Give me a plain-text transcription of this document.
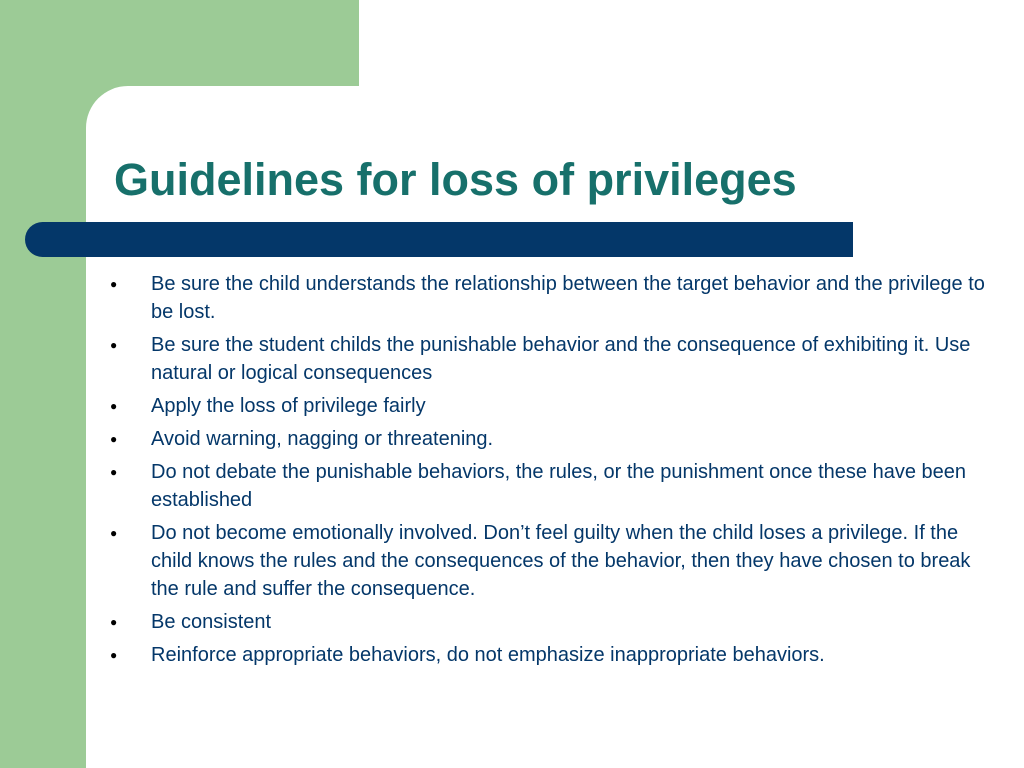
Guidelines for loss of privileges
●	Be sure the child understands the relationship between the target behavior and the privilege to be lost.
●	Be sure the student childs the punishable behavior and the consequence of exhibiting it. Use natural or logical consequences
●	Apply the loss of privilege fairly
●	Avoid warning, nagging or threatening.
●	Do not debate the punishable behaviors, the rules, or the punishment once these have been established
●	Do not become emotionally involved. Don’t feel guilty when the child loses a privilege. If the child knows the rules and the consequences of the behavior, then they have chosen to break the rule and suffer the consequence.
●	Be consistent
●	Reinforce appropriate behaviors, do not emphasize inappropriate behaviors.
